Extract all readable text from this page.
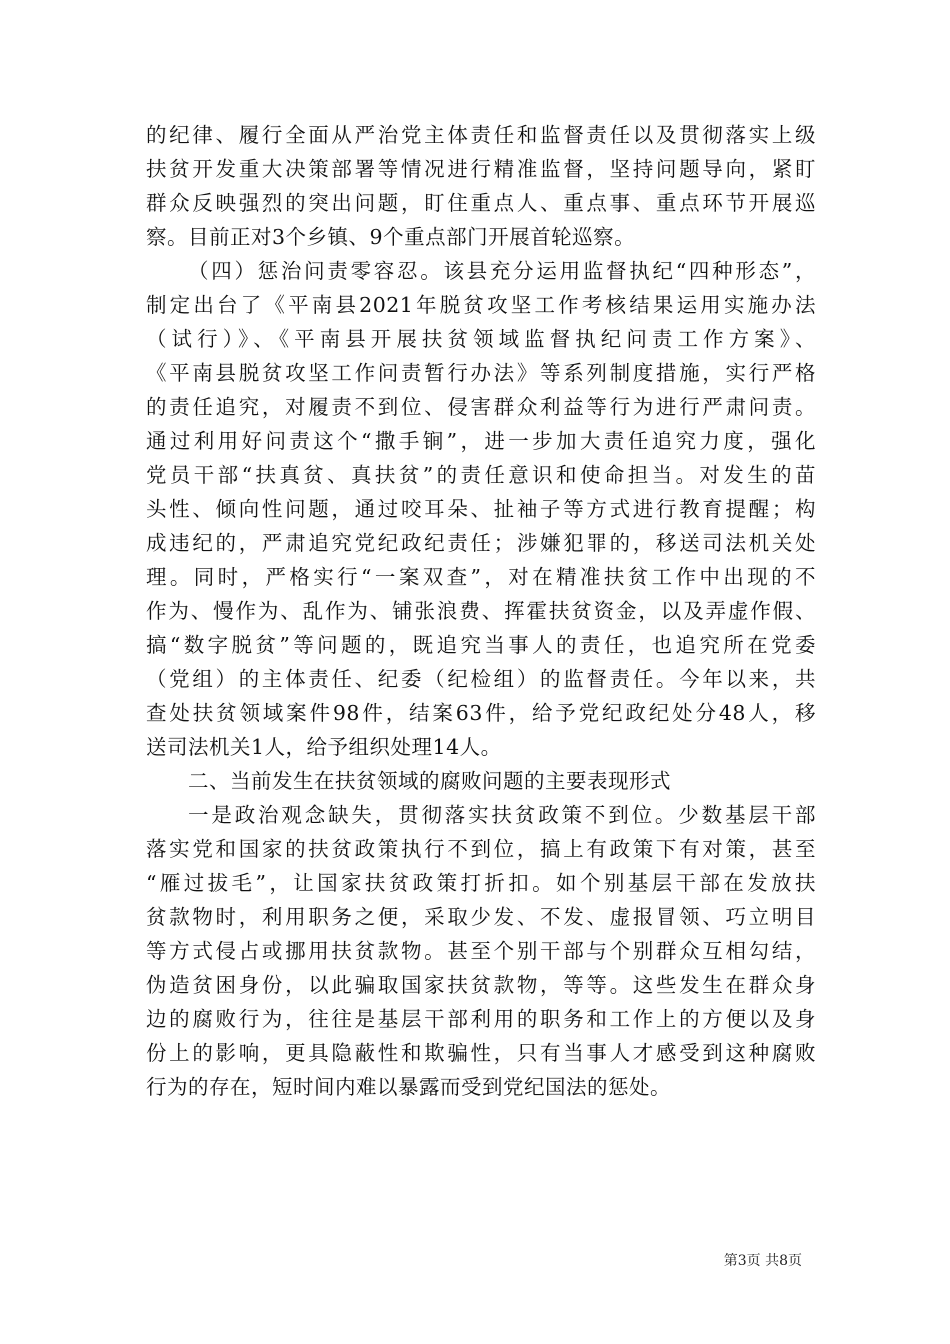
的纪律、履行全面从严治党主体责任和监督责任以及贯彻落实上级
扶贫开发重大决策部署等情况进行精准监督，坚持问题导向，紧盯
群众反映强烈的突出问题，盯住重点人、重点事、重点环节开展巡
察。目前正对3个乡镇、9个重点部门开展首轮巡察。
（四）惩治问责零容忍。该县充分运用监督执纪“四种形态”，
制定出台了《平南县2021年脱贫攻坚工作考核结果运用实施办法
（试行）》、《平南县开展扶贫领域监督执纪问责工作方案》、
《平南县脱贫攻坚工作问责暂行办法》等系列制度措施，实行严格
的责任追究，对履责不到位、侵害群众利益等行为进行严肃问责。
通过利用好问责这个“撒手锏”，进一步加大责任追究力度，强化
党员干部“扶真贫、真扶贫”的责任意识和使命担当。对发生的苗
头性、倾向性问题，通过咬耳朵、扯袖子等方式进行教育提醒；构
成违纪的，严肃追究党纪政纪责任；涉嫌犯罪的，移送司法机关处
理。同时，严格实行“一案双查”，对在精准扶贫工作中出现的不
作为、慢作为、乱作为、铺张浪费、挥霍扶贫资金，以及弄虚作假、
搞“数字脱贫”等问题的，既追究当事人的责任，也追究所在党委
（党组）的主体责任、纪委（纪检组）的监督责任。今年以来，共
查处扶贫领域案件98件，结案63件，给予党纪政纪处分48人，移
送司法机关1人，给予组织处理14人。
二、当前发生在扶贫领域的腐败问题的主要表现形式
一是政治观念缺失，贯彻落实扶贫政策不到位。少数基层干部
落实党和国家的扶贫政策执行不到位，搞上有政策下有对策，甚至
“雁过拔毛”，让国家扶贫政策打折扣。如个别基层干部在发放扶
贫款物时，利用职务之便，采取少发、不发、虚报冒领、巧立明目
等方式侵占或挪用扶贫款物。甚至个别干部与个别群众互相勾结，
伪造贫困身份，以此骗取国家扶贫款物，等等。这些发生在群众身
边的腐败行为，往往是基层干部利用的职务和工作上的方便以及身
份上的影响，更具隐蔽性和欺骗性，只有当事人才感受到这种腐败
行为的存在，短时间内难以暴露而受到党纪国法的惩处。
第3页 共8页
